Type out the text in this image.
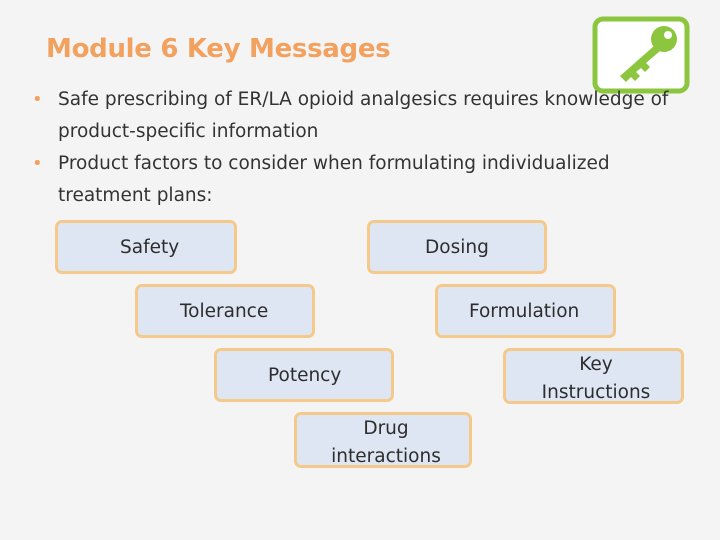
Module 6 Key Messages
• Safe prescribing of ER/LA opioid analgesics requires knowledge of product-specific information
• Product factors to consider when formulating individualized treatment plans:
Safety	Dosing
Tolerance	Formulation
Potency
Key Instructions
Drug interactions
